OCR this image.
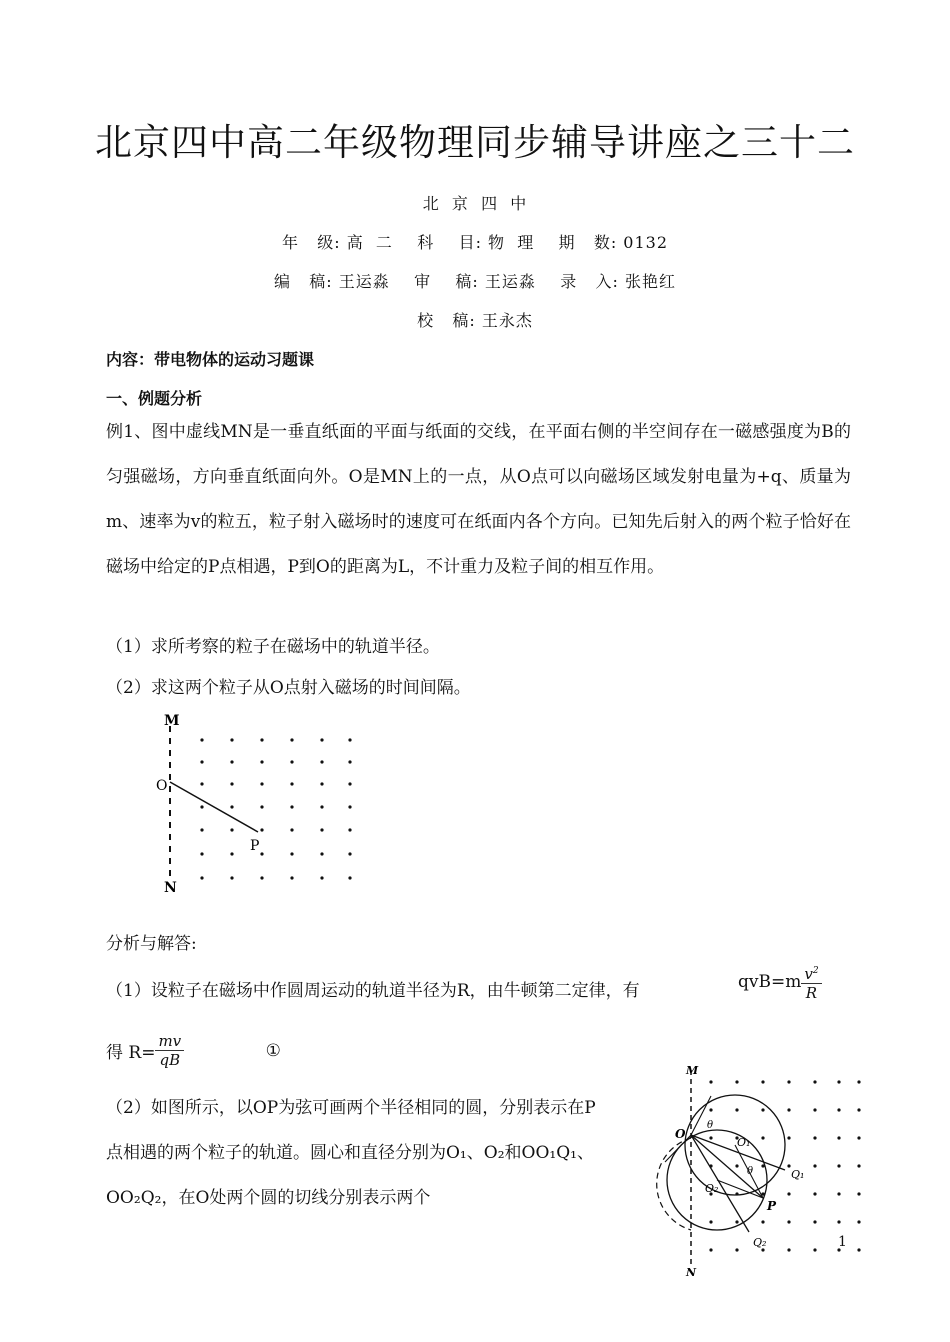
北京四中高二年级物理同步辅导讲座之三十二
北  京  四  中
年   级: 高  二    科    目: 物  理    期   数: 0132
编   稿: 王运淼    审    稿: 王运淼    录   入: 张艳红
校   稿: 王永杰
内容：带电物体的运动习题课
一、例题分析
例1、图中虚线MN是一垂直纸面的平面与纸面的交线，在平面右侧的半空间存在一磁感强度为B的匀强磁场，方向垂直纸面向外。O是MN上的一点，从O点可以向磁场区域发射电量为+q、质量为m、速率为v的粒五，粒子射入磁场时的速度可在纸面内各个方向。已知先后射入的两个粒子恰好在磁场中给定的P点相遇，P到O的距离为L，不计重力及粒子间的相互作用。
（1）求所考察的粒子在磁场中的轨道半径。
（2）求这两个粒子从O点射入磁场的时间间隔。
M
O
P
N
分析与解答:
（1）设粒子在磁场中作圆周运动的轨道半径为R，由牛顿第二定律，有	$qvB=m \frac{v^2}{R}$
得 $R= \frac{mv}{qB}$	①
（2）如图所示，以OP为弦可画两个半径相同的圆，分别表示在P点相遇的两个粒子的轨道。圆心和直径分别为O₁、O₂和OO₁Q₁、OO₂Q₂，在O处两个圆的切线分别表示两个
M
N
O
O₁
O₂
P
Q₁
Q₂
θ
θ
1
